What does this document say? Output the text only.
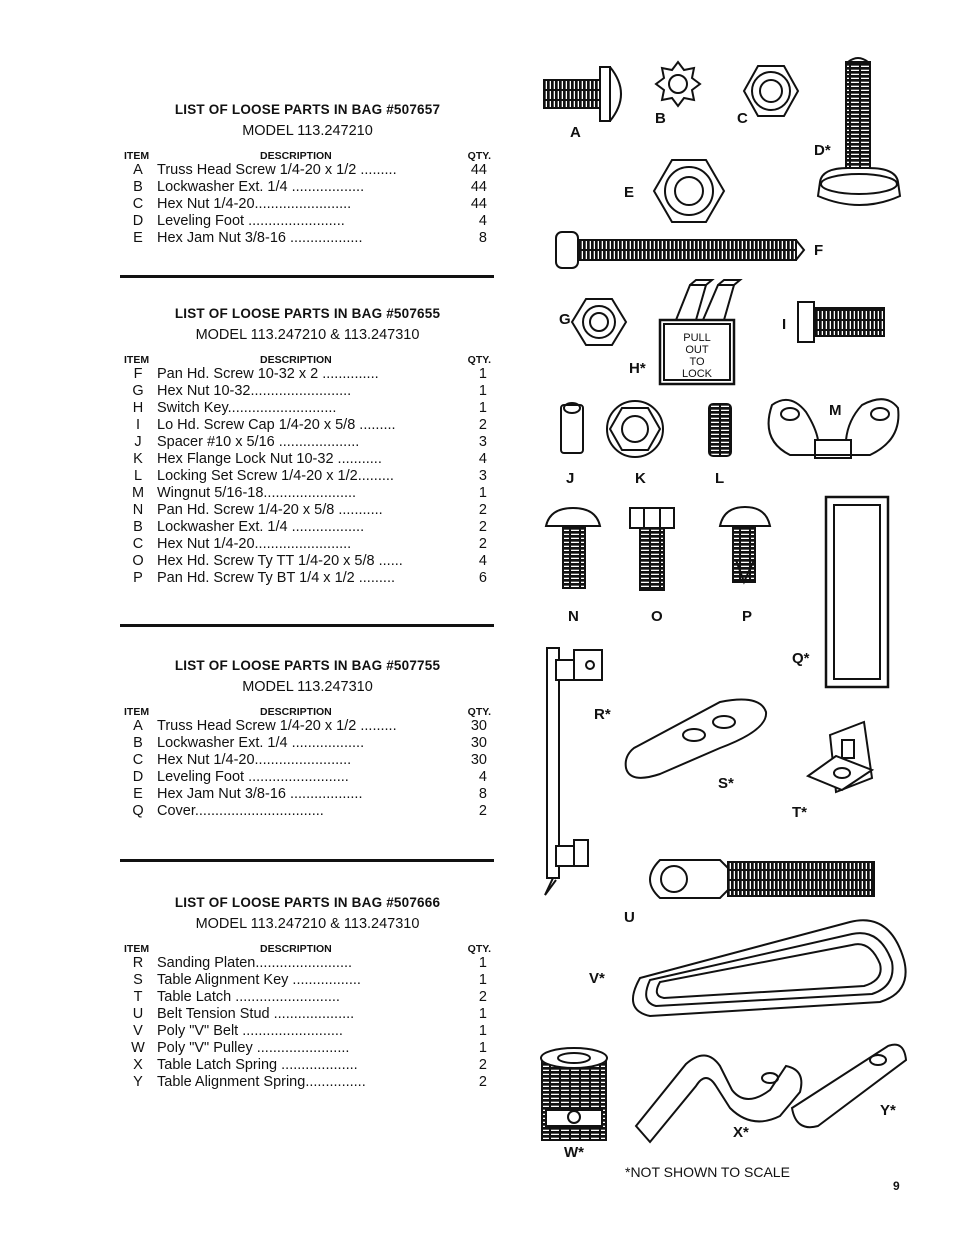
LIST OF LOOSE PARTS IN BAG #507657
MODEL 113.247210
ITEM	DESCRIPTION	QTY.
A Truss Head Screw 1/4-20 x 1/2 .........	44
B Lockwasher Ext. 1/4 ..................	44
C Hex Nut 1/4-20........................	44
D Leveling Foot ........................	4
E Hex Jam Nut 3/8-16 ..................	8
LIST OF LOOSE PARTS IN BAG #507655
MODEL 113.247210 & 113.247310
ITEM	DESCRIPTION	QTY.
F	Pan Hd. Screw 10-32 x 2 ..............	1
G Hex Nut 10-32.........................	1
H Switch Key...........................	1
I	Lo Hd. Screw Cap 1/4-20 x 5/8 .........	2
J	Spacer #10 x 5/16 ....................	3
K Hex Flange Lock Nut 10-32 ...........	4
L	Locking Set Screw 1/4-20 x 1/2.........	3
M Wingnut 5/16-18.......................	1
N Pan Hd. Screw 1/4-20 x 5/8 ...........	2
B Lockwasher Ext. 1/4 ..................	2
C Hex Nut 1/4-20........................	2
O Hex Hd. Screw Ty TT 1/4-20 x 5/8 ......	4
P Pan Hd. Screw Ty BT 1/4 x 1/2 .........	6
LIST OF LOOSE PARTS IN BAG #507755
MODEL 113.247310
ITEM	DESCRIPTION	QTY.
A Truss Head Screw 1/4-20 x 1/2 .........	30
B Lockwasher Ext. 1/4 ..................	30
C Hex Nut 1/4-20........................	30
D Leveling Foot .........................	4
E Hex Jam Nut 3/8-16 ..................	8
Q Cover................................	2
LIST OF LOOSE PARTS IN BAG #507666
MODEL 113.247210 & 113.247310
ITEM	DESCRIPTION	QTY.
R Sanding Platen........................	1
S Table Alignment Key .................	1
T	Table Latch ..........................	2
U Belt Tension Stud ....................	1
V Poly "V" Belt .........................	1
W Poly "V" Pulley .......................	1
X Table Latch Spring ...................	2
Y Table Alignment Spring...............	2
PULL
OUT
TO
LOCK
A
B	C
D*
E
F
G
H*
I
J	K	L
M
N	O	P
Q*
R*
S*
T*
U
V*
W*
X*
Y*
*NOT SHOWN TO SCALE
9
